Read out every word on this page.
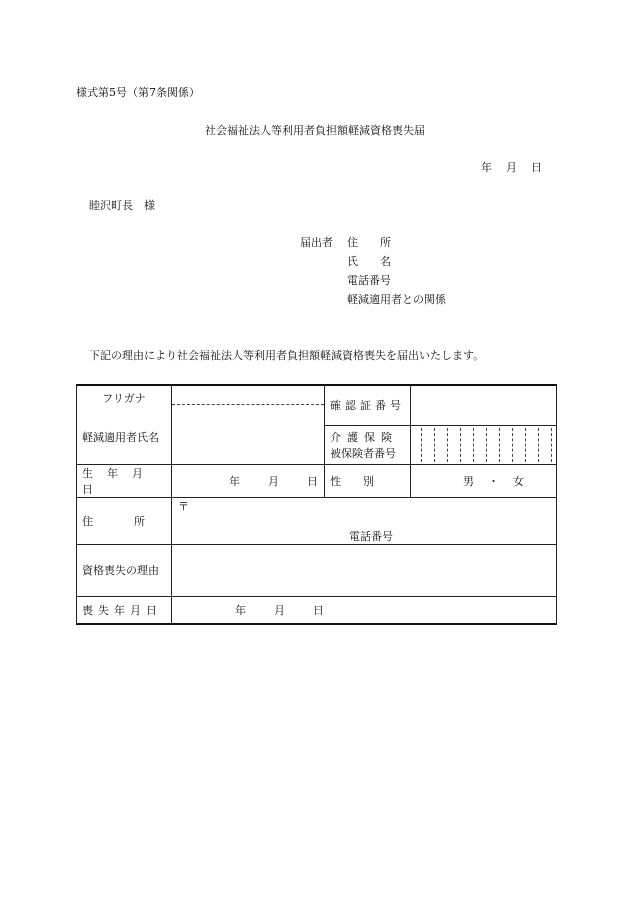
様式第5号（第7条関係）
社会福祉法人等利用者負担額軽減資格喪失届
年 月 日
睦沢町長　様
届出者 住　　所
氏　　名
電話番号
軽減適用者との関係
下記の理由により社会福祉法人等利用者負担額軽減資格喪失を届出いたします。
フリガナ
軽減適用者氏名		確認証番号	

介護保険
被保険者番号	

生年月日	年 月 日	性　　別	男 ・ 女

住　　　所	〒
電話番号		

資格喪失の理由			

喪失年月日	年 月 日		
